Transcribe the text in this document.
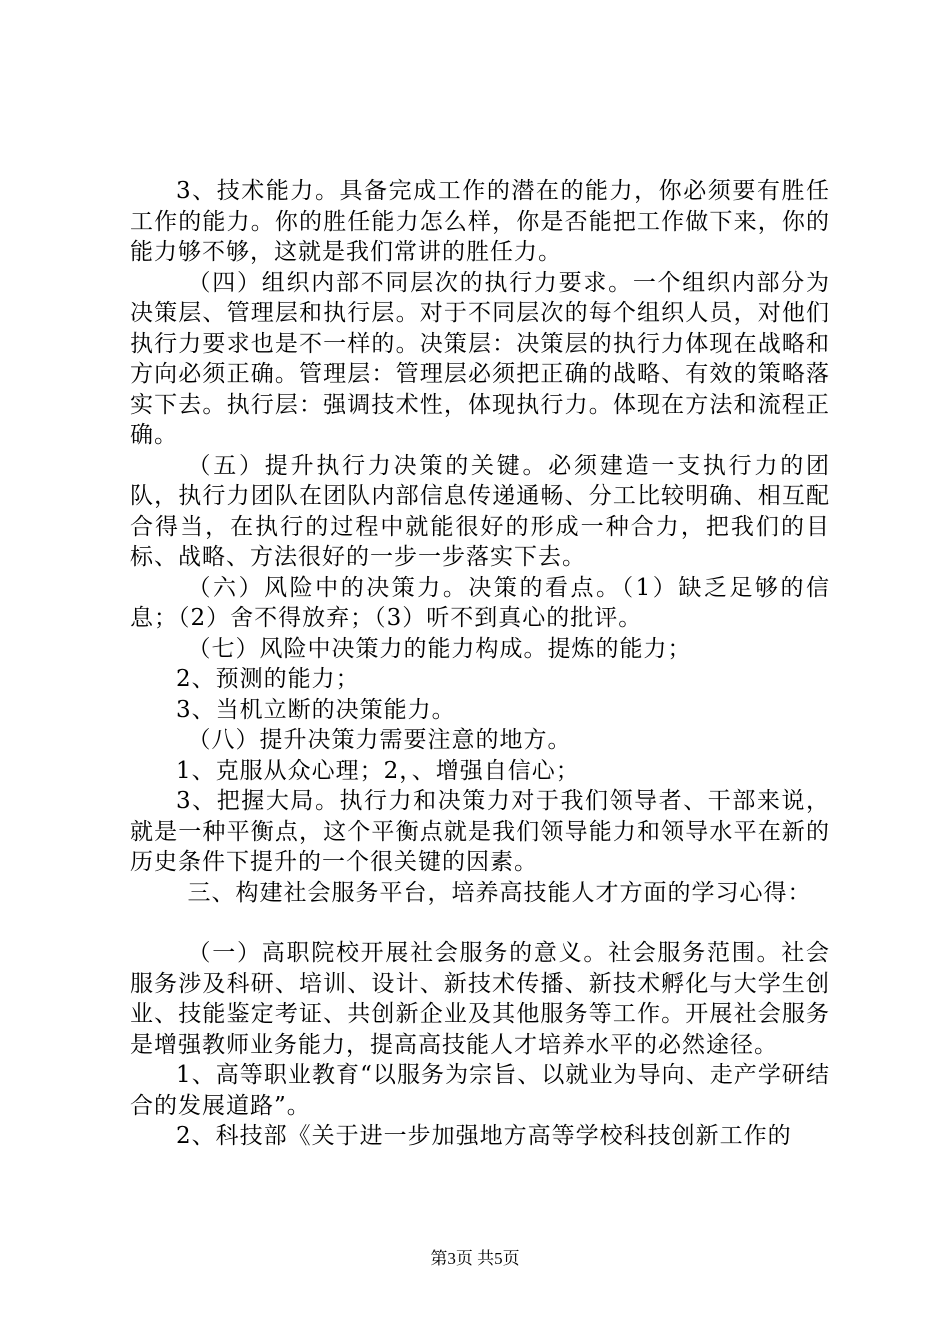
3、技术能力。具备完成工作的潜在的能力，你必须要有胜任工作的能力。你的胜任能力怎么样，你是否能把工作做下来，你的能力够不够，这就是我们常讲的胜任力。

（四）组织内部不同层次的执行力要求。一个组织内部分为决策层、管理层和执行层。对于不同层次的每个组织人员，对他们执行力要求也是不一样的。决策层：决策层的执行力体现在战略和方向必须正确。管理层：管理层必须把正确的战略、有效的策略落实下去。执行层：强调技术性，体现执行力。体现在方法和流程正确。

（五）提升执行力决策的关键。必须建造一支执行力的团队，执行力团队在团队内部信息传递通畅、分工比较明确、相互配合得当，在执行的过程中就能很好的形成一种合力，把我们的目标、战略、方法很好的一步一步落实下去。

（六）风险中的决策力。决策的看点。（1）缺乏足够的信息；（2）舍不得放弃；（3）听不到真心的批评。

（七）风险中决策力的能力构成。提炼的能力；

2、预测的能力；

3、当机立断的决策能力。

（八）提升决策力需要注意的地方。

1、克服从众心理；2，、增强自信心；

3、把握大局。执行力和决策力对于我们领导者、干部来说，就是一种平衡点，这个平衡点就是我们领导能力和领导水平在新的历史条件下提升的一个很关键的因素。

三、构建社会服务平台，培养高技能人才方面的学习心得：

（一）高职院校开展社会服务的意义。社会服务范围。社会服务涉及科研、培训、设计、新技术传播、新技术孵化与大学生创业、技能鉴定考证、共创新企业及其他服务等工作。开展社会服务是增强教师业务能力，提高高技能人才培养水平的必然途径。

1、高等职业教育“以服务为宗旨、以就业为导向、走产学研结合的发展道路”。

2、科技部《关于进一步加强地方高等学校科技创新工作的

第3页 共5页
